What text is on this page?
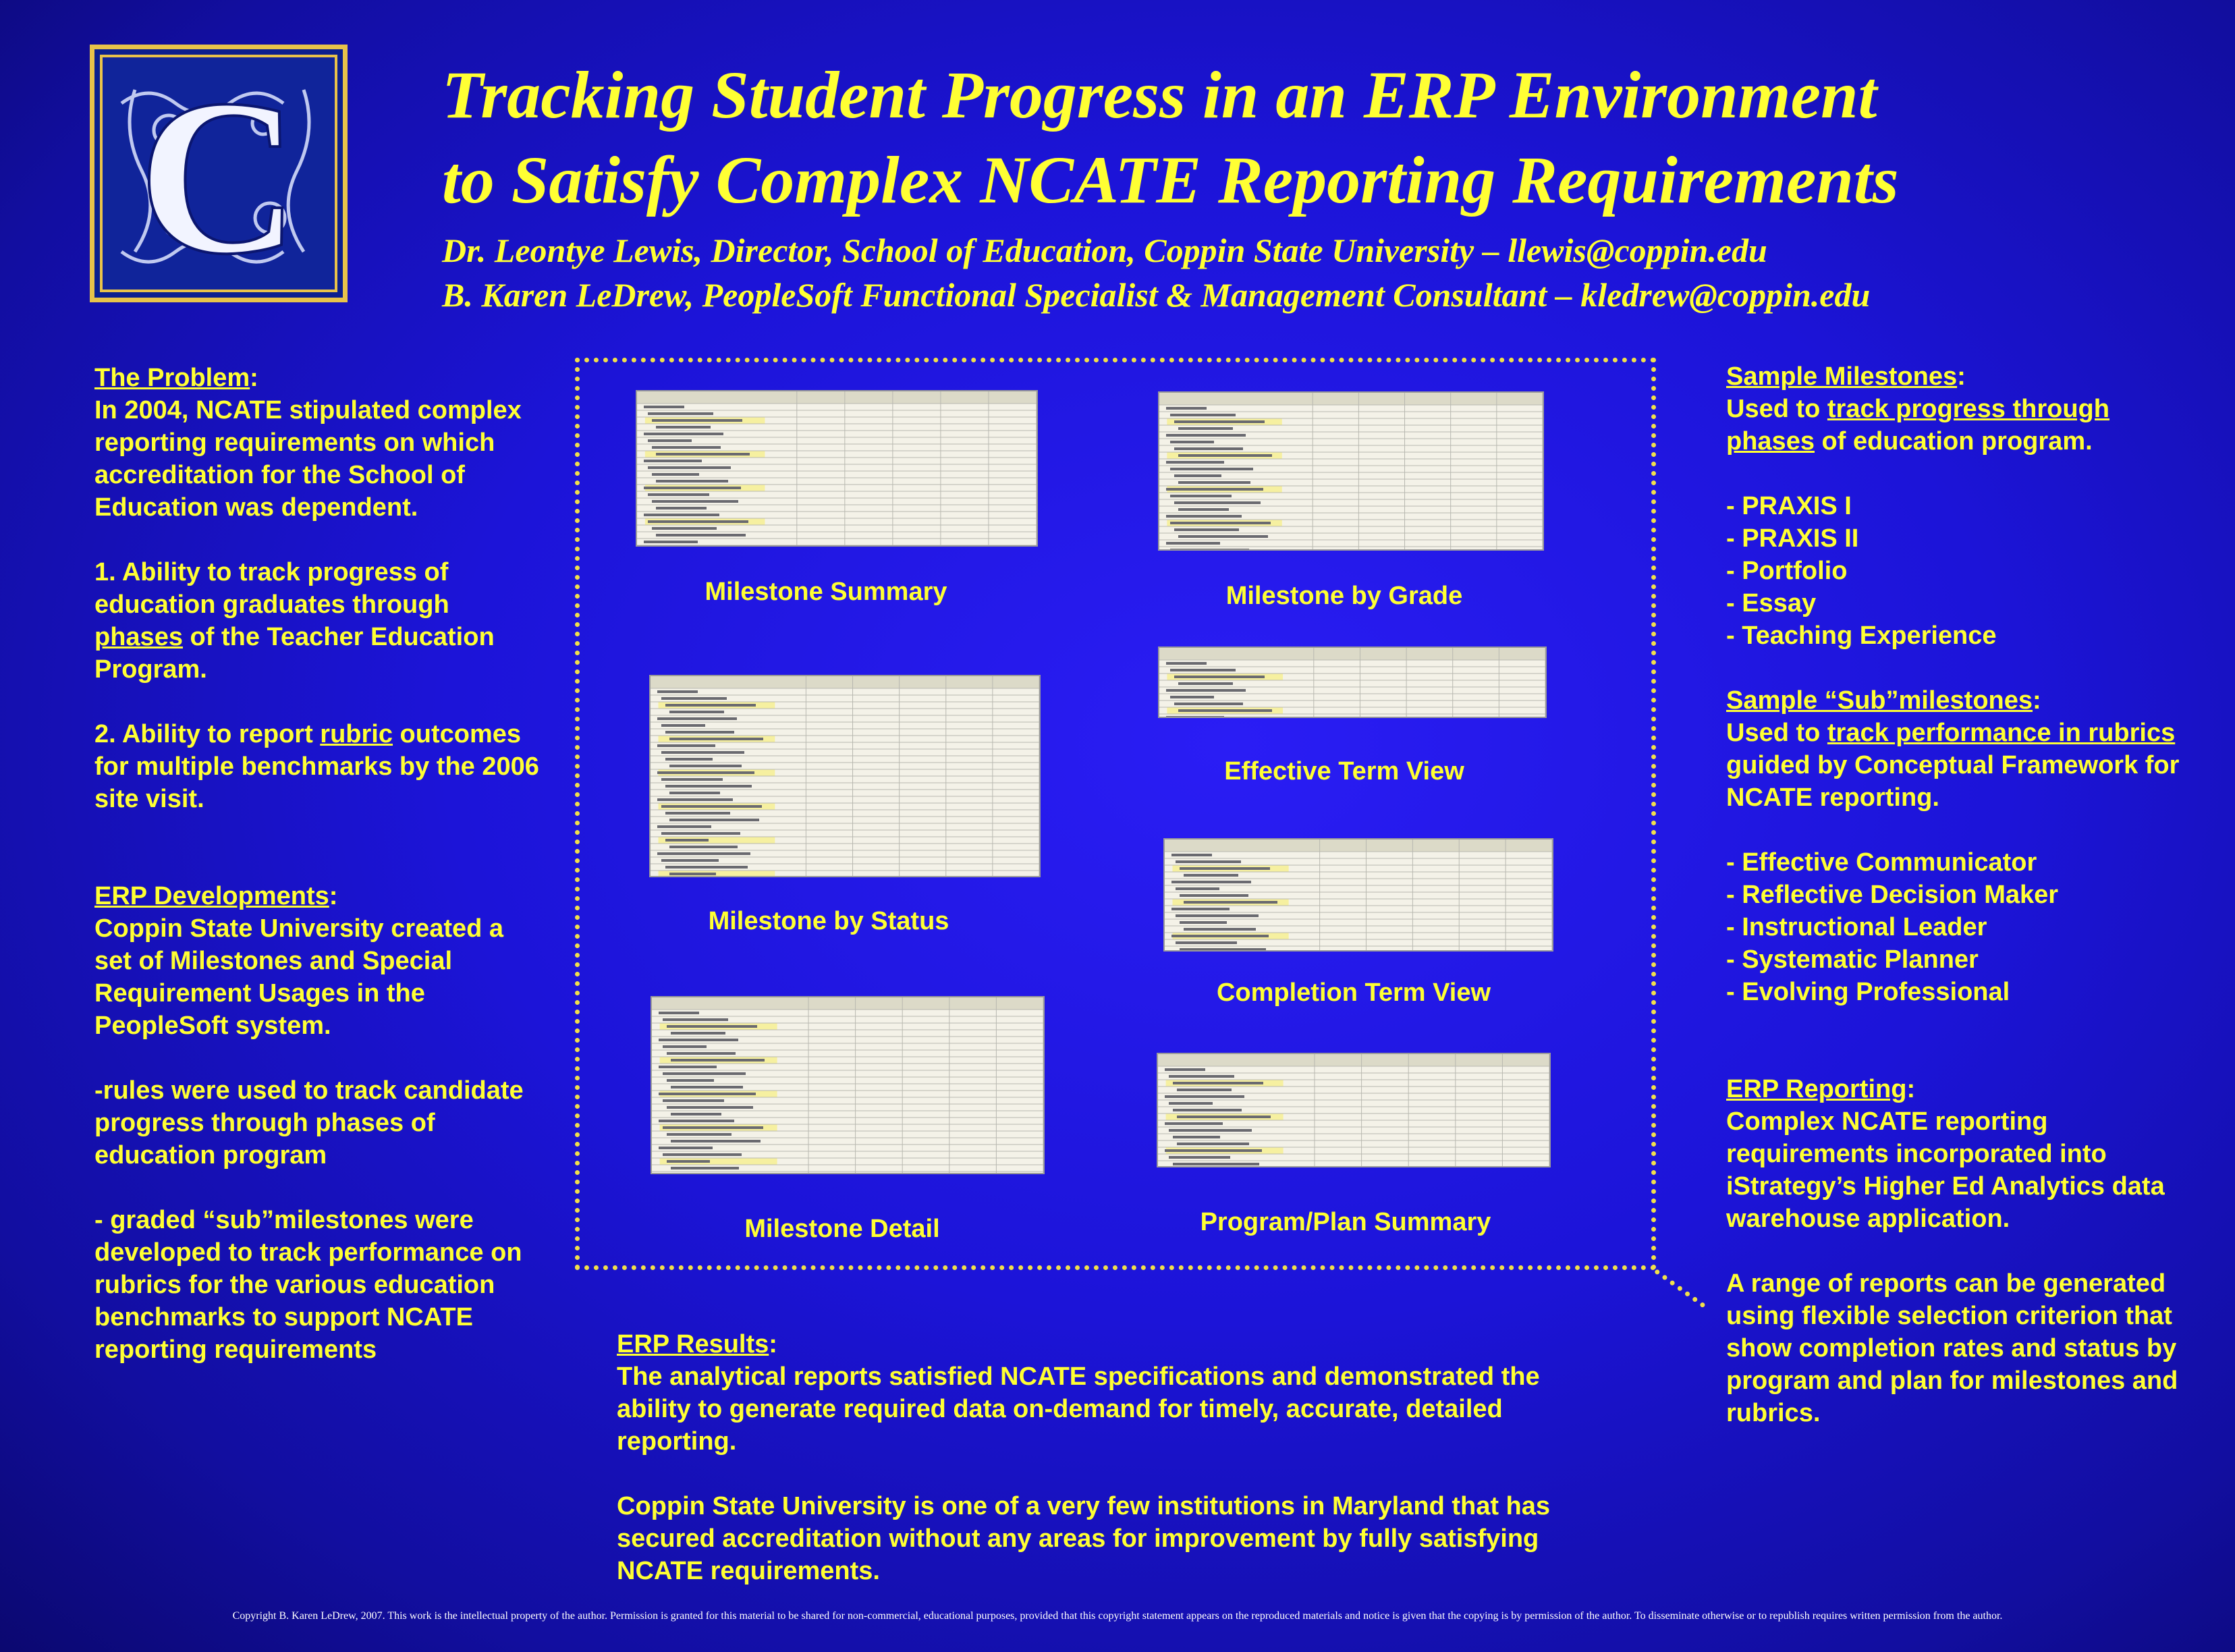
Tracking Student Progress in an ERP Environment
to Satisfy Complex NCATE Reporting Requirements
Dr. Leontye Lewis, Director, School of Education, Coppin State University – llewis@coppin.edu
B. Karen LeDrew, PeopleSoft Functional Specialist & Management Consultant – kledrew@coppin.edu
C

The Problem:

In 2004, NCATE stipulated complex reporting requirements on which accreditation for the School of Education was dependent.

1. Ability to track progress of education graduates through phases of the Teacher Education Program.

2. Ability to report rubric outcomes for multiple benchmarks by the 2006 site visit.

ERP Developments:

Coppin State University created a set of Milestones and Special Requirement Usages in the PeopleSoft system.

-rules were used to track candidate progress through phases of education program

- graded “sub”milestones were developed to track performance on rubrics for the various education benchmarks to support NCATE reporting requirements

Milestone Summary	Milestone by Grade
Effective Term View
Milestone by Status
Completion Term View
Milestone Detail	Program/Plan Summary

ERP Results:

The analytical reports satisfied NCATE specifications and demonstrated the ability to generate required data on-demand for timely, accurate, detailed reporting.

Coppin State University is one of a very few institutions in Maryland that has secured accreditation without any areas for improvement by fully satisfying NCATE requirements.

Sample Milestones:

Used to track progress through phases of education program.

- PRAXIS I

- PRAXIS II

- Portfolio

- Essay

- Teaching Experience

Sample “Sub”milestones:

Used to track performance in rubrics guided by Conceptual Framework for NCATE reporting.

- Effective Communicator

- Reflective Decision Maker

- Instructional Leader

- Systematic Planner

- Evolving Professional

ERP Reporting:

Complex NCATE reporting requirements incorporated into iStrategy’s Higher Ed Analytics data warehouse application.

A range of reports can be generated using flexible selection criterion that show completion rates and status by program and plan for milestones and rubrics.

Copyright B. Karen LeDrew, 2007. This work is the intellectual property of the author. Permission is granted for this material to be shared for non-commercial, educational purposes, provided that this copyright statement appears on the reproduced materials and notice is given that the copying is by permission of the author. To disseminate otherwise or to republish requires written permission from the author.
